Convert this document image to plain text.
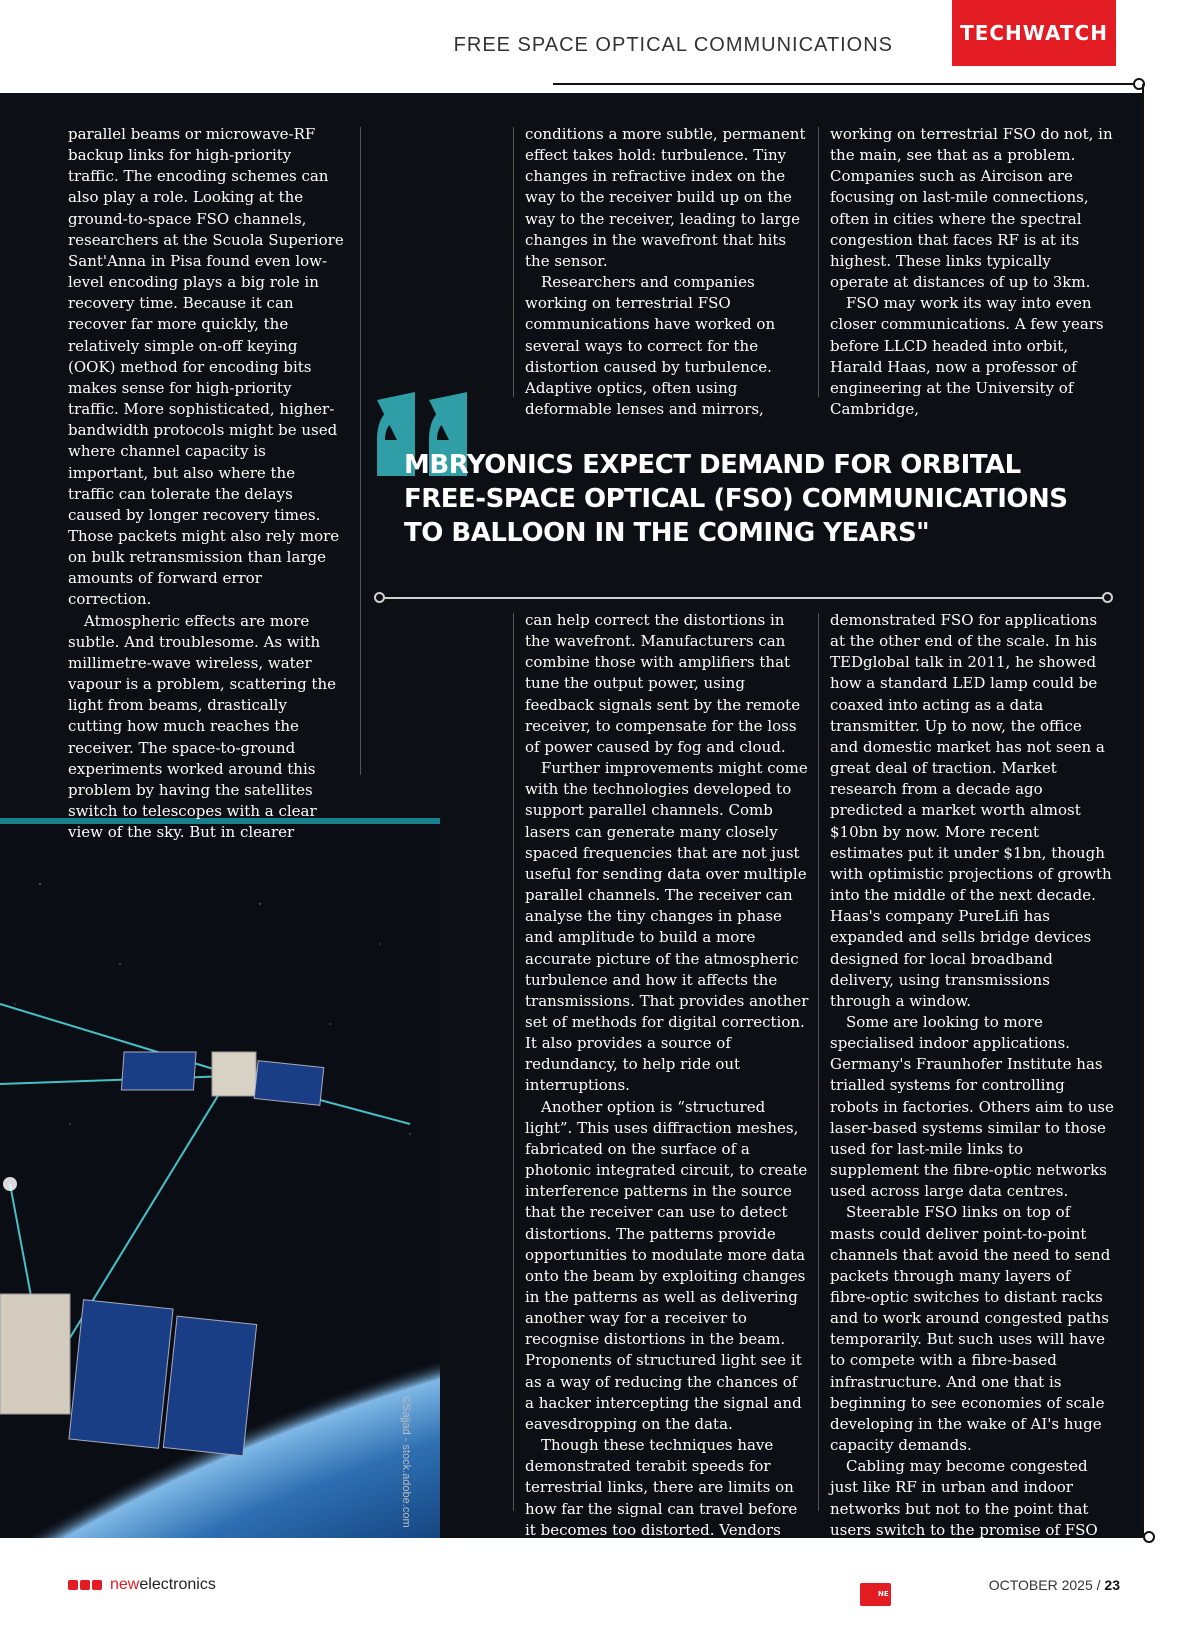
FREE SPACE OPTICAL COMMUNICATIONS	TECHWATCH
©Sajjad - stock.adobe.com

parallel beams or microwave-RF backup links for high-priority traffic. The encoding schemes can also play a role. Looking at the ground-to-space FSO channels, researchers at the Scuola Superiore Sant'Anna in Pisa found even low-level encoding plays a big role in recovery time. Because it can recover far more quickly, the relatively simple on-off keying (OOK) method for encoding bits makes sense for high-priority traffic. More sophisticated, higher-bandwidth protocols might be used where channel capacity is important, but also where the traffic can tolerate the delays caused by longer recovery times. Those packets might also rely more on bulk retransmission than large amounts of forward error correction.

Atmospheric effects are more subtle. And troublesome. As with millimetre-wave wireless, water vapour is a problem, scattering the light from beams, drastically cutting how much reaches the receiver. The space-to-ground experiments worked around this problem by having the satellites switch to telescopes with a clear view of the sky. But in clearer

conditions a more subtle, permanent effect takes hold: turbulence. Tiny changes in refractive index on the way to the receiver build up on the way to the receiver, leading to large changes in the wavefront that hits the sensor.

Researchers and companies working on terrestrial FSO communications have worked on several ways to correct for the distortion caused by turbulence. Adaptive optics, often using deformable lenses and mirrors,

working on terrestrial FSO do not, in the main, see that as a problem. Companies such as Aircison are focusing on last-mile connections, often in cities where the spectral congestion that faces RF is at its highest. These links typically operate at distances of up to 3km.

FSO may work its way into even closer communications. A few years before LLCD headed into orbit, Harald Haas, now a professor of engineering at the University of Cambridge,

MBRYONICS EXPECT DEMAND FOR ORBITAL FREE-SPACE OPTICAL (FSO) COMMUNICATIONS TO BALLOON IN THE COMING YEARS"

can help correct the distortions in the wavefront. Manufacturers can combine those with amplifiers that tune the output power, using feedback signals sent by the remote receiver, to compensate for the loss of power caused by fog and cloud.

Further improvements might come with the technologies developed to support parallel channels. Comb lasers can generate many closely spaced frequencies that are not just useful for sending data over multiple parallel channels. The receiver can analyse the tiny changes in phase and amplitude to build a more accurate picture of the atmospheric turbulence and how it affects the transmissions. That provides another set of methods for digital correction. It also provides a source of redundancy, to help ride out interruptions.

Another option is “structured light”. This uses diffraction meshes, fabricated on the surface of a photonic integrated circuit, to create interference patterns in the source that the receiver can use to detect distortions. The patterns provide opportunities to modulate more data onto the beam by exploiting changes in the patterns as well as delivering another way for a receiver to recognise distortions in the beam. Proponents of structured light see it as a way of reducing the chances of a hacker intercepting the signal and eavesdropping on the data.

Though these techniques have demonstrated terabit speeds for terrestrial links, there are limits on how far the signal can travel before it becomes too distorted. Vendors

demonstrated FSO for applications at the other end of the scale. In his TEDglobal talk in 2011, he showed how a standard LED lamp could be coaxed into acting as a data transmitter. Up to now, the office and domestic market has not seen a great deal of traction. Market research from a decade ago predicted a market worth almost $10bn by now. More recent estimates put it under $1bn, though with optimistic projections of growth into the middle of the next decade. Haas's company PureLifi has expanded and sells bridge devices designed for local broadband delivery, using transmissions through a window.

Some are looking to more specialised indoor applications. Germany's Fraunhofer Institute has trialled systems for controlling robots in factories. Others aim to use laser-based systems similar to those used for last-mile links to supplement the fibre-optic networks used across large data centres.

Steerable FSO links on top of masts could deliver point-to-point channels that avoid the need to send packets through many layers of fibre-optic switches to distant racks and to work around congested paths temporarily. But such uses will have to compete with a fibre-based infrastructure. And one that is beginning to see economies of scale developing in the wake of AI's huge capacity demands.

Cabling may become congested just like RF in urban and indoor networks but not to the point that users switch to the promise of FSO and its sophisticated electronics if it remains significantly cheaper per bit.	NE

newelectronics	OCTOBER 2025 / 23
